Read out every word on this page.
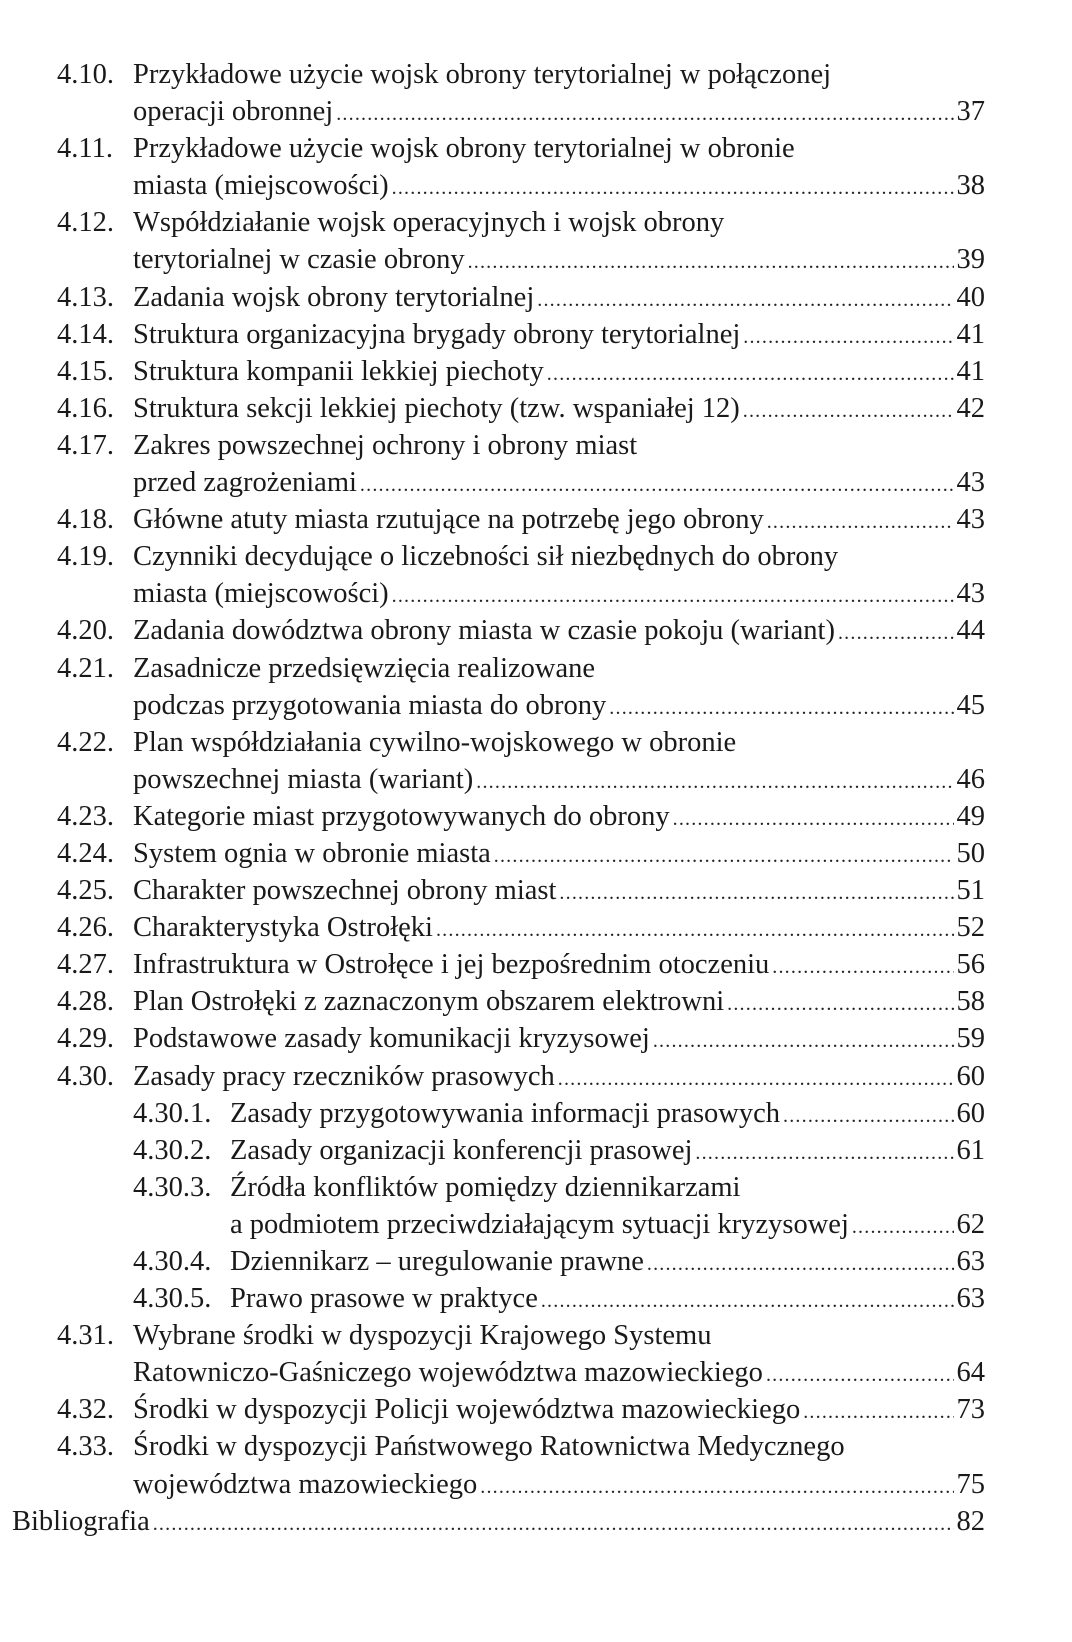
4.10. Przykładowe użycie wojsk obrony terytorialnej w połączonej
operacji obronnej .....	37
4.11. Przykładowe użycie wojsk obrony terytorialnej w obronie
miasta (miejscowości) .....	38
4.12. Współdziałanie wojsk operacyjnych i wojsk obrony
terytorialnej w czasie obrony .....	39
4.13. Zadania wojsk obrony terytorialnej .....	40
4.14. Struktura organizacyjna brygady obrony terytorialnej .....	41
4.15. Struktura kompanii lekkiej piechoty .....	41
4.16. Struktura sekcji lekkiej piechoty (tzw. wspaniałej 12) .....	42
4.17. Zakres powszechnej ochrony i obrony miast
przed zagrożeniami .....	43
4.18. Główne atuty miasta rzutujące na potrzebę jego obrony .....	43
4.19. Czynniki decydujące o liczebności sił niezbędnych do obrony
miasta (miejscowości) .....	43
4.20. Zadania dowództwa obrony miasta w czasie pokoju (wariant) .....	44
4.21. Zasadnicze przedsięwzięcia realizowane
podczas przygotowania miasta do obrony .....	45
4.22. Plan współdziałania cywilno-wojskowego w obronie
powszechnej miasta (wariant) .....	46
4.23. Kategorie miast przygotowywanych do obrony .....	49
4.24. System ognia w obronie miasta .....	50
4.25. Charakter powszechnej obrony miast .....	51
4.26. Charakterystyka Ostrołęki .....	52
4.27. Infrastruktura w Ostrołęce i jej bezpośrednim otoczeniu .....	56
4.28. Plan Ostrołęki z zaznaczonym obszarem elektrowni .....	58
4.29. Podstawowe zasady komunikacji kryzysowej .....	59
4.30. Zasady pracy rzeczników prasowych .....	60
4.30.1. Zasady przygotowywania informacji prasowych .....	60
4.30.2. Zasady organizacji konferencji prasowej .....	61
4.30.3. Źródła konfliktów pomiędzy dziennikarzami
a podmiotem przeciwdziałającym sytuacji kryzysowej .....	62
4.30.4. Dziennikarz – uregulowanie prawne .....	63
4.30.5. Prawo prasowe w praktyce .....	63
4.31. Wybrane środki w dyspozycji Krajowego Systemu
Ratowniczo-Gaśniczego województwa mazowieckiego .....	64
4.32. Środki w dyspozycji Policji województwa mazowieckiego .....	73
4.33. Środki w dyspozycji Państwowego Ratownictwa Medycznego
województwa mazowieckiego .....	75
Bibliografia .....	82
